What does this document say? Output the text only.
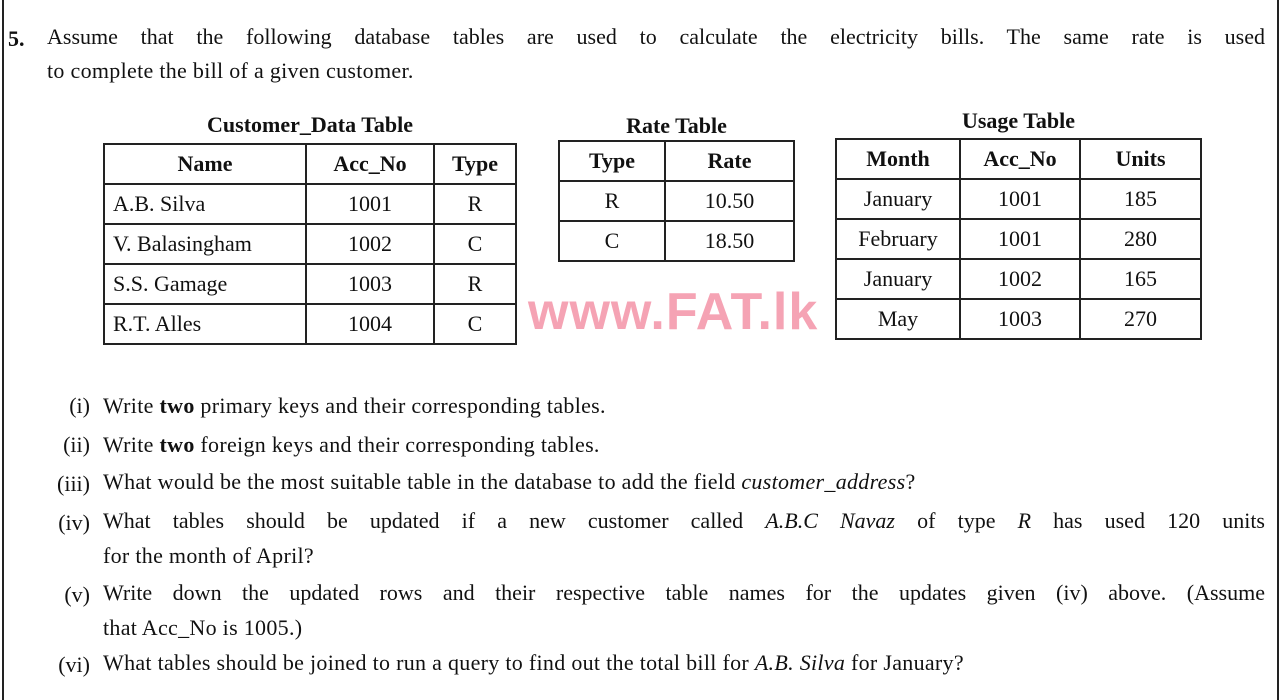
5. Assume that the following database tables are used to calculate the electricity bills. The same rate is used
to complete the bill of a given customer.
www.FAT.lk
Customer_Data Table
Name	Acc_No	Type
A.B. Silva	1001	R
V. Balasingham	1002	C
S.S. Gamage	1003	R
R.T. Alles	1004	C
Rate Table
Type	Rate
R	10.50
C	18.50
Usage Table
Month	Acc_No	Units
January	1001	185
February	1001	280
January	1002	165
May	1003	270
(i) Write two primary keys and their corresponding tables.
(ii) Write two foreign keys and their corresponding tables.
(iii) What would be the most suitable table in the database to add the field customer_address?
(iv) What tables should be updated if a new customer called A.B.C Navaz of type R has used 120 units
for the month of April?
(v) Write down the updated rows and their respective table names for the updates given (iv) above. (Assume
that Acc_No is 1005.)
(vi) What tables should be joined to run a query to find out the total bill for A.B. Silva for January?
